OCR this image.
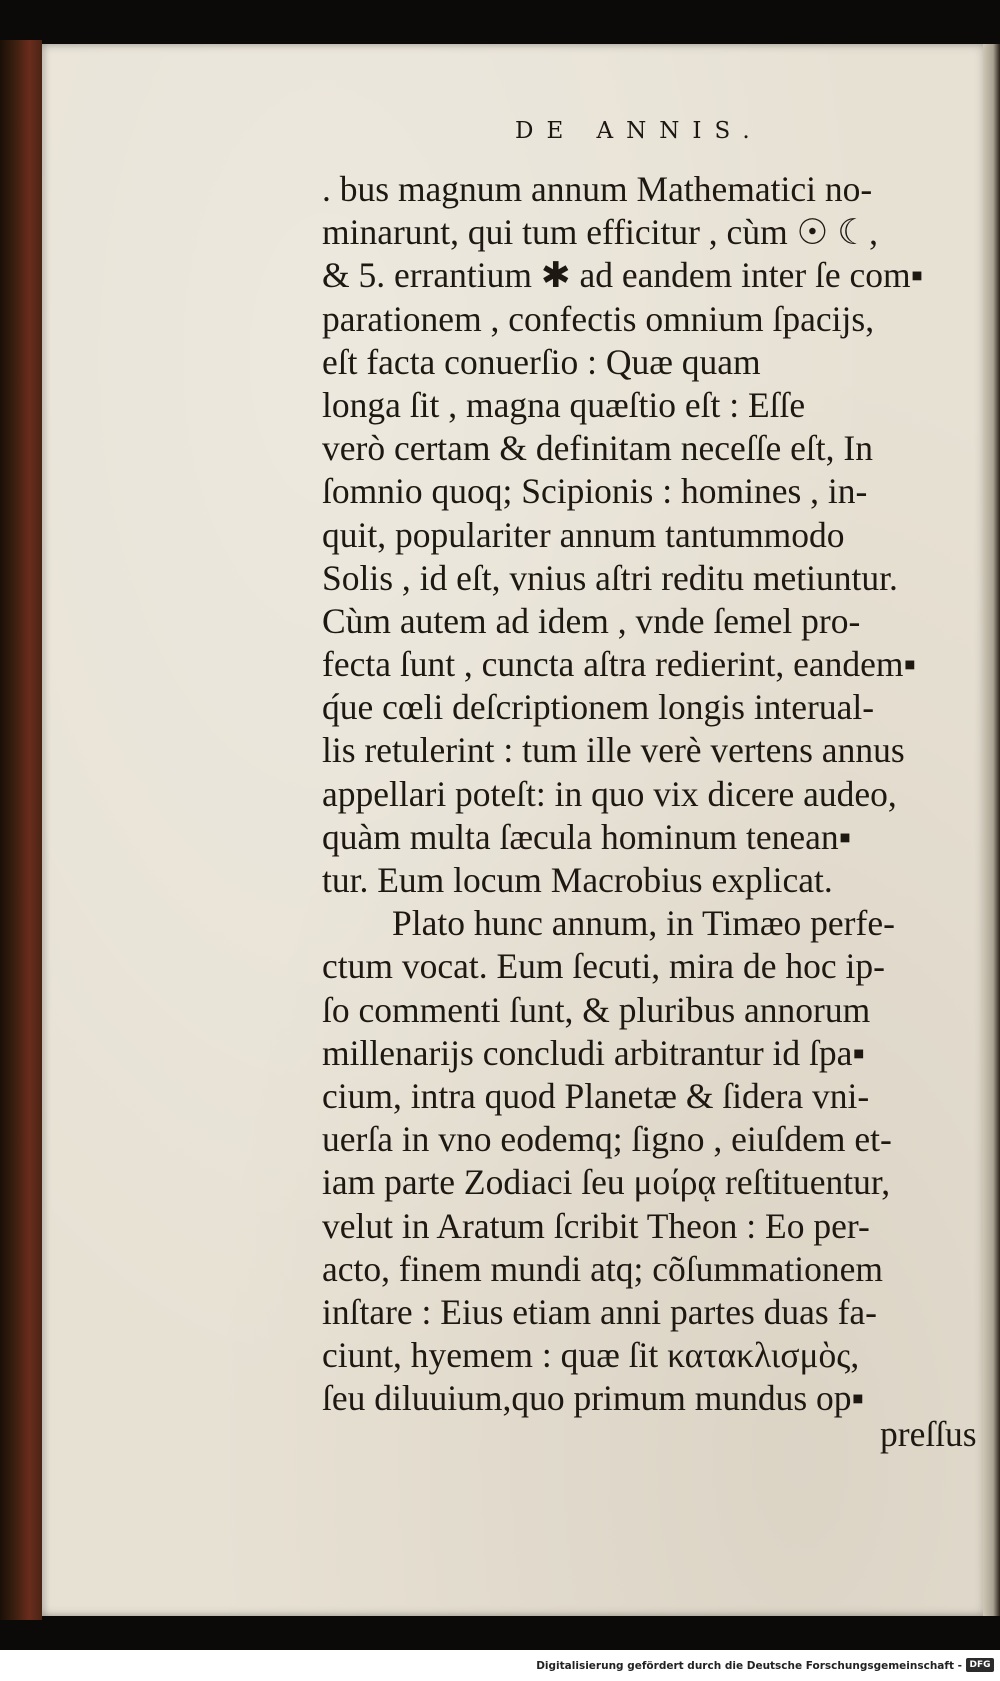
DE ANNIS.
. bus magnum annum Mathematici no-
minarunt, qui tum efficitur , cùm ☉ ☾,
& 5. errantium ✱ ad eandem inter ſe com▪
parationem , confectis omnium ſpacijs,
eſt facta conuerſio : Quæ quam
longa ſit , magna quæſtio eſt : Eſſe
verò certam & definitam neceſſe eſt, In
ſomnio quoq; Scipionis : homines , in-
quit, populariter annum tantummodo
Solis , id eſt, vnius aſtri reditu metiuntur.
Cùm autem ad idem , vnde ſemel pro-
fecta ſunt , cuncta aſtra redierint, eandem▪
q́ue cœli deſcriptionem longis interual-
lis retulerint : tum ille verè vertens annus
appellari poteſt: in quo vix dicere audeo,
quàm multa ſæcula hominum tenean▪
tur. Eum locum Macrobius explicat.
Plato hunc annum, in Timæo perfe-
ctum vocat. Eum ſecuti, mira de hoc ip-
ſo commenti ſunt, & pluribus annorum
millenarijs concludi arbitrantur id ſpa▪
cium, intra quod Planetæ & ſidera vni-
uerſa in vno eodemq; ſigno , eiuſdem et-
iam parte Zodiaci ſeu μοίρᾳ reſtituentur,
velut in Aratum ſcribit Theon : Eo per-
acto, finem mundi atq; cõſummationem
inſtare : Eius etiam anni partes duas fa-
ciunt, hyemem : quæ ſit κατακλισμὸς,
ſeu diluuium,quo primum mundus op▪
preſſus
Digitalisierung gefördert durch die Deutsche Forschungsgemeinschaft - DFG
